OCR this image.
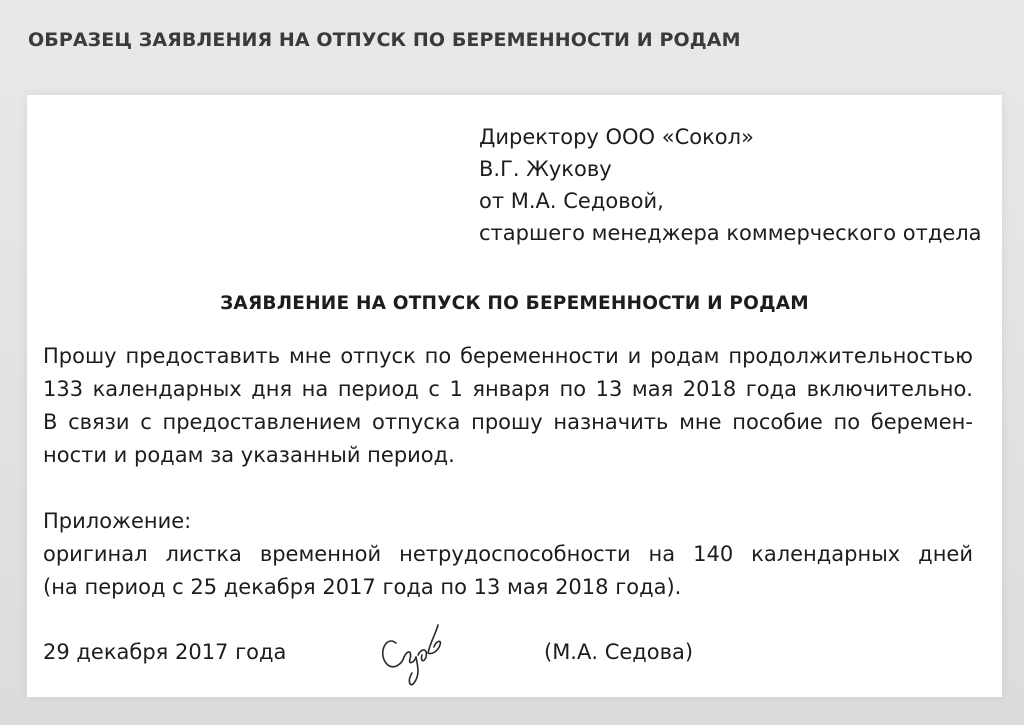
ОБРАЗЕЦ ЗАЯВЛЕНИЯ НА ОТПУСК ПО БЕРЕМЕННОСТИ И РОДАМ
Директору ООО «Сокол»
В.Г. Жукову
от М.А. Седовой,
старшего менеджера коммерческого отдела
ЗАЯВЛЕНИЕ НА ОТПУСК ПО БЕРЕМЕННОСТИ И РОДАМ
Прошу предоставить мне отпуск по беременности и родам продолжительностью
133 календарных дня на период с 1 января по 13 мая 2018 года включительно.
В связи с предоставлением отпуска прошу назначить мне пособие по беремен-
ности и родам за указанный период.
Приложение:
оригинал листка временной нетрудоспособности на 140 календарных дней
(на период с 25 декабря 2017 года по 13 мая 2018 года).
29 декабря 2017 года	(М.А. Седова)
